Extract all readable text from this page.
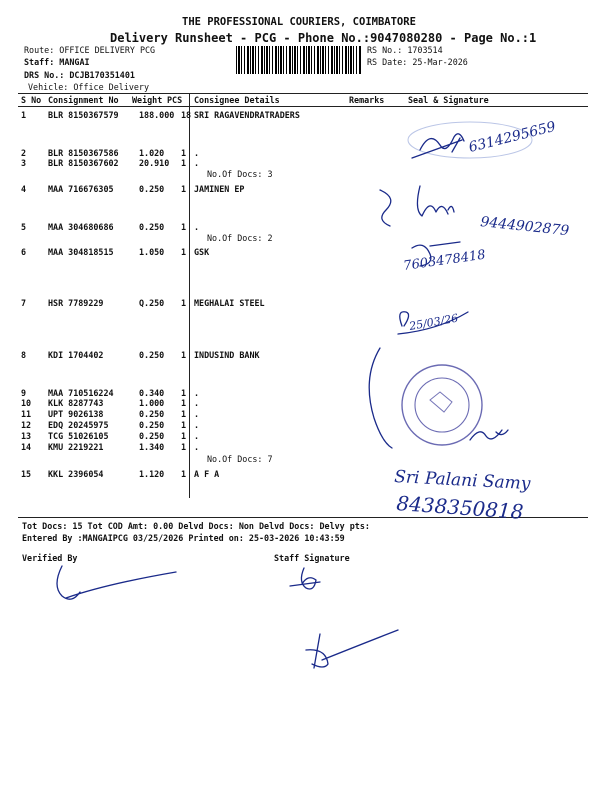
THE PROFESSIONAL COURIERS, COIMBATORE
Delivery Runsheet - PCG - Phone No.:9047080280 - Page No.:1
Route: OFFICE DELIVERY PCG
Staff: MANGAI
DRS No.: DCJB170351401
Vehicle: Office Delivery
RS No.: 1703514
RS Date: 25-Mar-2026
S No Consignment No Weight PCS Consignee Details	Remarks	Seal & Signature
1	BLR 8150367579 188.000 18 SRI RAGAVENDRATRADERS
2	BLR 8150367586 1.020 1 .
3	BLR 8150367602 20.910 1 .
No.Of Docs: 3
4	MAA 716676305	0.250 1 JAMINEN EP
5	MAA 304680686	0.250 1 .
No.Of Docs: 2
6	MAA 304818515	1.050 1 GSK
7	HSR 7789229	Q.250 1 MEGHALAI STEEL
8	KDI 1704402	0.250 1 INDUSIND BANK
9	MAA 710516224	0.340 1 .
10 KLK 8287743	1.000 1 .
11 UPT 9026138	0.250 1 .
12 EDQ 20245975	0.250 1 .
13 TCG 51026105	0.250 1 .
14 KMU 2219221	1.340 1 .
No.Of Docs: 7
15 KKL 2396054	1.120 1 A F A
Tot Docs: 15 Tot COD Amt: 0.00 Delvd Docs: Non Delvd Docs: Delvy pts:
Entered By :MANGAIPCG 03/25/2026 Printed on: 25-03-2026 10:43:59
Verified By	Staff Signature
6314295659
9444902879
7603478418
25/03/26
Sri Palani Samy
8438350818
